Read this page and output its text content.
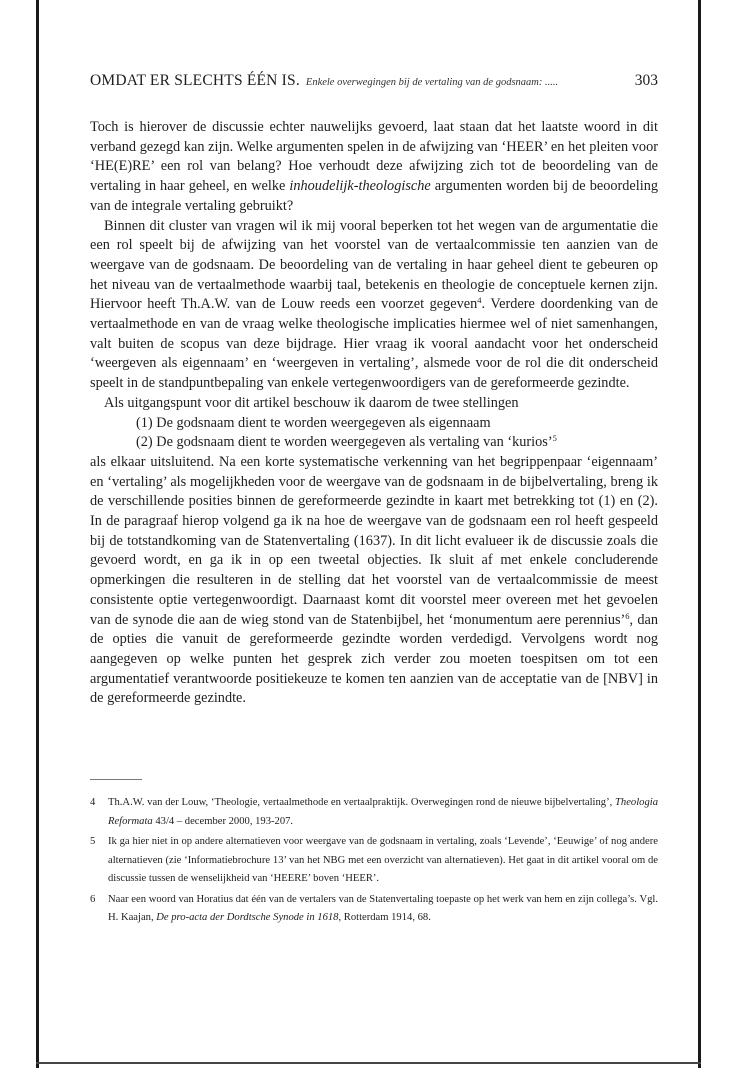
OMDAT ER SLECHTS ÉÉN IS. Enkele overwegingen bij de vertaling van de godsnaam: .....	303

Toch is hierover de discussie echter nauwelijks gevoerd, laat staan dat het laatste woord in dit verband gezegd kan zijn. Welke argumenten spelen in de afwijzing van ‘HEER’ en het pleiten voor ‘HE(E)RE’ een rol van belang? Hoe verhoudt deze afwijzing zich tot de beoordeling van de vertaling in haar geheel, en welke inhoudelijk-theologische argumenten worden bij de beoordeling van de integrale vertaling gebruikt?

Binnen dit cluster van vragen wil ik mij vooral beperken tot het wegen van de argumentatie die een rol speelt bij de afwijzing van het voorstel van de vertaalcommissie ten aanzien van de weergave van de godsnaam. De beoordeling van de vertaling in haar geheel dient te gebeuren op het niveau van de vertaalmethode waarbij taal, betekenis en theologie de conceptuele kernen zijn. Hiervoor heeft Th.A.W. van de Louw reeds een voorzet gegeven$^4$. Verdere doordenking van de vertaalmethode en van de vraag welke theologische implicaties hiermee wel of niet samenhangen, valt buiten de scopus van deze bijdrage. Hier vraag ik vooral aandacht voor het onderscheid ‘weergeven als eigennaam’ en ‘weergeven in vertaling’, alsmede voor de rol die dit onderscheid speelt in de standpuntbepaling van enkele vertegenwoordigers van de gereformeerde gezindte.

Als uitgangspunt voor dit artikel beschouw ik daarom de twee stellingen

(1) De godsnaam dient te worden weergegeven als eigennaam

(2) De godsnaam dient te worden weergegeven als vertaling van ‘kurios’$^5$

als elkaar uitsluitend. Na een korte systematische verkenning van het begrippenpaar ‘eigennaam’ en ‘vertaling’ als mogelijkheden voor de weergave van de godsnaam in de bijbelvertaling, breng ik de verschillende posities binnen de gereformeerde gezindte in kaart met betrekking tot (1) en (2). In de paragraaf hierop volgend ga ik na hoe de weergave van de godsnaam een rol heeft gespeeld bij de totstandkoming van de Statenvertaling (1637). In dit licht evalueer ik de discussie zoals die gevoerd wordt, en ga ik in op een tweetal objecties. Ik sluit af met enkele concluderende opmerkingen die resulteren in de stelling dat het voorstel van de vertaalcommissie de meest consistente optie vertegenwoordigt. Daarnaast komt dit voorstel meer overeen met het gevoelen van de synode die aan de wieg stond van de Statenbijbel, het ‘monumentum aere perennius’$^6$, dan de opties die vanuit de gereformeerde gezindte worden verdedigd. Vervolgens wordt nog aangegeven op welke punten het gesprek zich verder zou moeten toespitsen om tot een argumentatief verantwoorde positiekeuze te komen ten aanzien van de acceptatie van de [NBV] in de gereformeerde gezindte.

4	Th.A.W. van der Louw, ‘Theologie, vertaalmethode en vertaalpraktijk. Overwegingen rond de nieuwe bijbelvertaling’, Theologia Reformata 43/4 – december 2000, 193-207.
5	Ik ga hier niet in op andere alternatieven voor weergave van de godsnaam in vertaling, zoals ‘Levende’, ‘Eeuwige’ of nog andere alternatieven (zie ‘Informatiebrochure 13’ van het NBG met een overzicht van alternatieven). Het gaat in dit artikel vooral om de discussie tussen de wenselijkheid van ‘HEERE’ boven ‘HEER’.
6	Naar een woord van Horatius dat één van de vertalers van de Statenvertaling toepaste op het werk van hem en zijn collega’s. Vgl. H. Kaajan, De pro-acta der Dordtsche Synode in 1618, Rotterdam 1914, 68.
